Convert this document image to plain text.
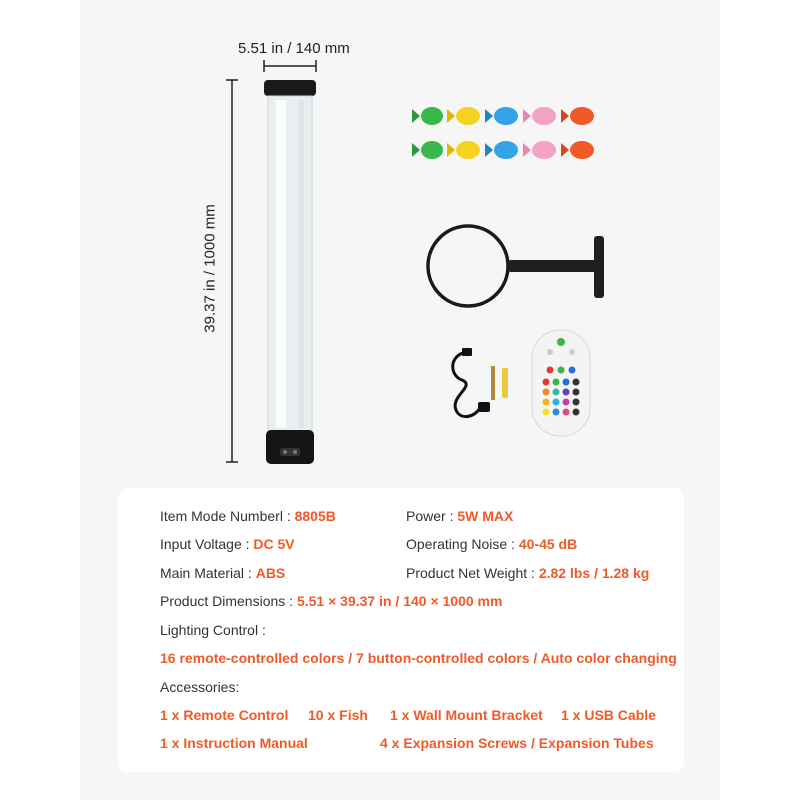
5.51 in / 140 mm
39.37 in / 1000 mm
Item Mode Numberl : 8805B	Power : 5W MAX
Input Voltage : DC 5V	Operating Noise : 40-45 dB
Main Material : ABS	Product Net Weight : 2.82 lbs / 1.28 kg
Product Dimensions : 5.51 × 39.37 in / 140 × 1000 mm
Lighting Control :
16 remote-controlled colors / 7 button-controlled colors / Auto color changing
Accessories:
1 x Remote Control 10 x Fish 1 x Wall Mount Bracket 1 x USB Cable
1 x Instruction Manual	4 x Expansion Screws / Expansion Tubes
